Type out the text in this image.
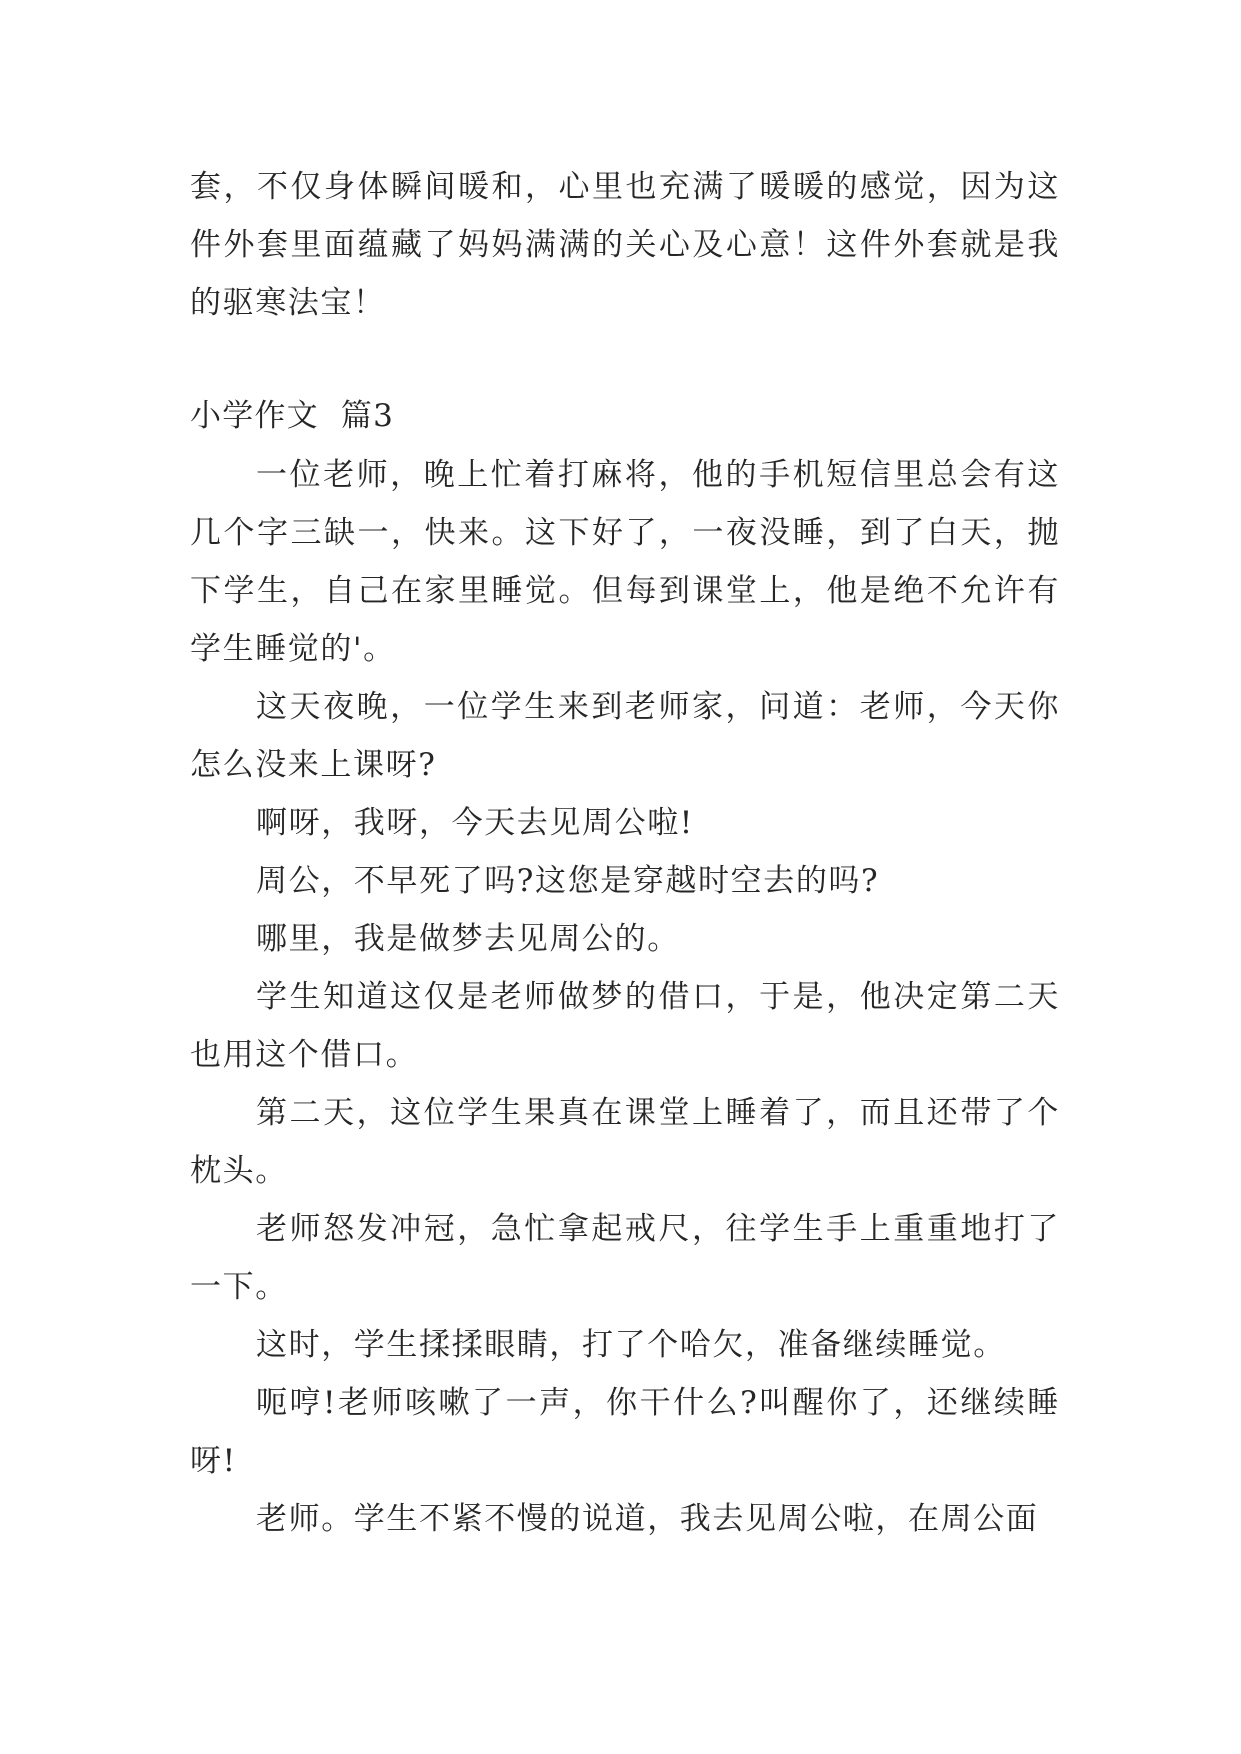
套，不仅身体瞬间暖和，心里也充满了暖暖的感觉，因为这件外套里面蕴藏了妈妈满满的关心及心意！这件外套就是我的驱寒法宝！

小学作文  篇3

一位老师，晚上忙着打麻将，他的手机短信里总会有这几个字三缺一，快来。这下好了，一夜没睡，到了白天，抛下学生，自己在家里睡觉。但每到课堂上，他是绝不允许有学生睡觉的'。

这天夜晚，一位学生来到老师家，问道：老师，今天你怎么没来上课呀?

啊呀，我呀，今天去见周公啦!

周公，不早死了吗?这您是穿越时空去的吗?

哪里，我是做梦去见周公的。

学生知道这仅是老师做梦的借口，于是，他决定第二天也用这个借口。

第二天，这位学生果真在课堂上睡着了，而且还带了个枕头。

老师怒发冲冠，急忙拿起戒尺，往学生手上重重地打了一下。

这时，学生揉揉眼睛，打了个哈欠，准备继续睡觉。

呃哼!老师咳嗽了一声，你干什么?叫醒你了，还继续睡呀!

老师。学生不紧不慢的说道，我去见周公啦，在周公面
